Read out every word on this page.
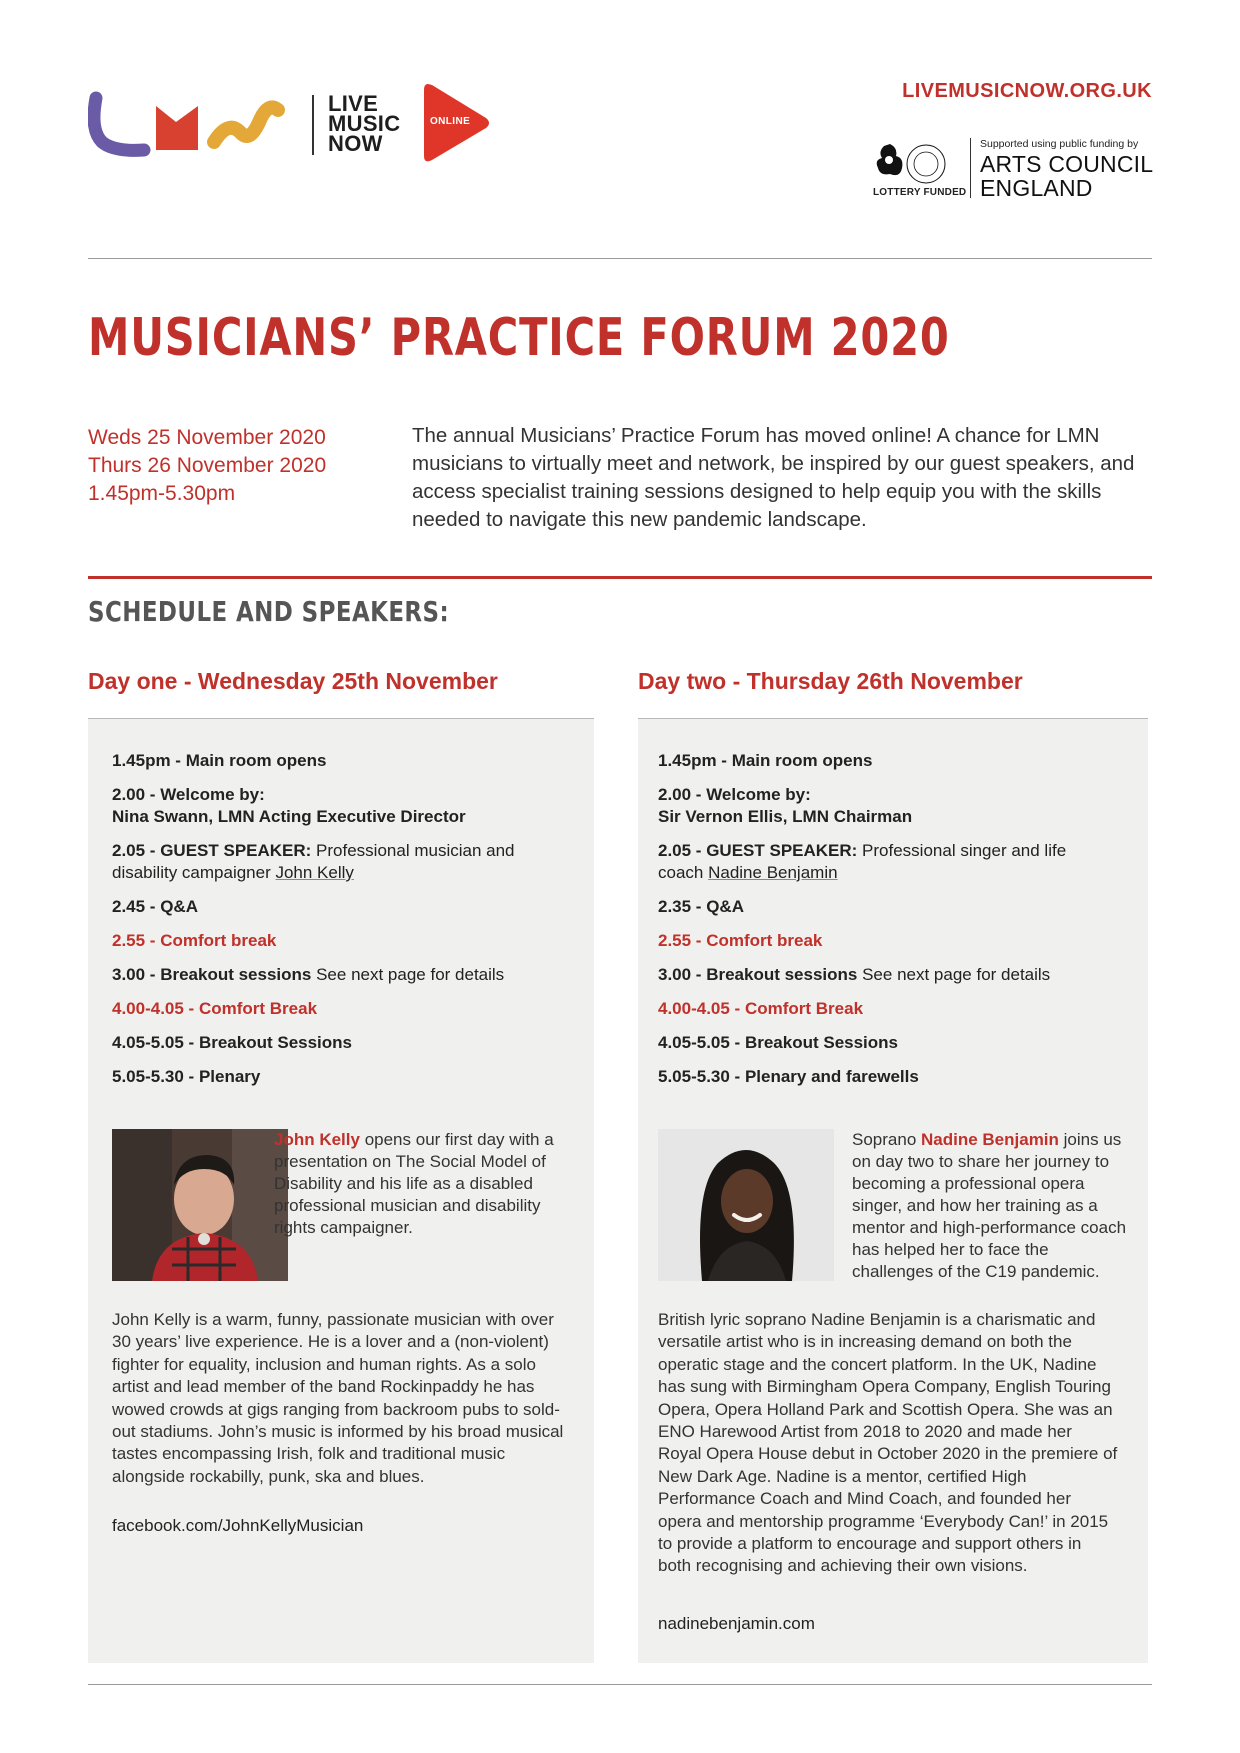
LIVE
MUSIC
NOW
ONLINE
LIVEMUSICNOW.ORG.UK
LOTTERY FUNDED
Supported using public funding by
ARTS COUNCIL
ENGLAND
MUSICIANS’ PRACTICE FORUM 2020
Weds 25 November 2020
Thurs 26 November 2020
1.45pm-5.30pm
The annual Musicians’ Practice Forum has moved online! A chance for LMN musicians to virtually meet and network, be inspired by our guest speakers, and access specialist training sessions designed to help equip you with the skills needed to navigate this new pandemic landscape.
SCHEDULE AND SPEAKERS:
Day one - Wednesday 25th November
1.45pm - Main room opens
2.00 - Welcome by:
Nina Swann, LMN Acting Executive Director
2.05 - GUEST SPEAKER: Professional musician and disability campaigner John Kelly
2.45 - Q&A
2.55 - Comfort break
3.00 - Breakout sessions See next page for details
4.00-4.05 - Comfort Break
4.05-5.05 - Breakout Sessions
5.05-5.30 - Plenary
John Kelly opens our first day with a presentation on The Social Model of Disability and his life as a disabled professional musician and disability rights campaigner.
John Kelly is a warm, funny, passionate musician with over 30 years’ live experience. He is a lover and a (non-violent) fighter for equality, inclusion and human rights. As a solo artist and lead member of the band Rockinpaddy he has wowed crowds at gigs ranging from backroom pubs to sold-out stadiums. John’s music is informed by his broad musical tastes encompassing Irish, folk and traditional music alongside rockabilly, punk, ska and blues.
facebook.com/JohnKellyMusician
Day two - Thursday 26th November
1.45pm - Main room opens
2.00 - Welcome by:
Sir Vernon Ellis, LMN Chairman
2.05 - GUEST SPEAKER: Professional singer and life coach Nadine Benjamin
2.35 - Q&A
2.55 - Comfort break
3.00 - Breakout sessions See next page for details
4.00-4.05 - Comfort Break
4.05-5.05 - Breakout Sessions
5.05-5.30 - Plenary and farewells
Soprano Nadine Benjamin joins us on day two to share her journey to becoming a professional opera singer, and how her training as a mentor and high-performance coach has helped her to face the challenges of the C19 pandemic.
British lyric soprano Nadine Benjamin is a charismatic and versatile artist who is in increasing demand on both the operatic stage and the concert platform. In the UK, Nadine has sung with Birmingham Opera Company, English Touring Opera, Opera Holland Park and Scottish Opera. She was an ENO Harewood Artist from 2018 to 2020 and made her Royal Opera House debut in October 2020 in the premiere of New Dark Age. Nadine is a mentor, certified High Performance Coach and Mind Coach, and founded her opera and mentorship programme ‘Everybody Can!’ in 2015 to provide a platform to encourage and support others in both recognising and achieving their own visions.
nadinebenjamin.com
